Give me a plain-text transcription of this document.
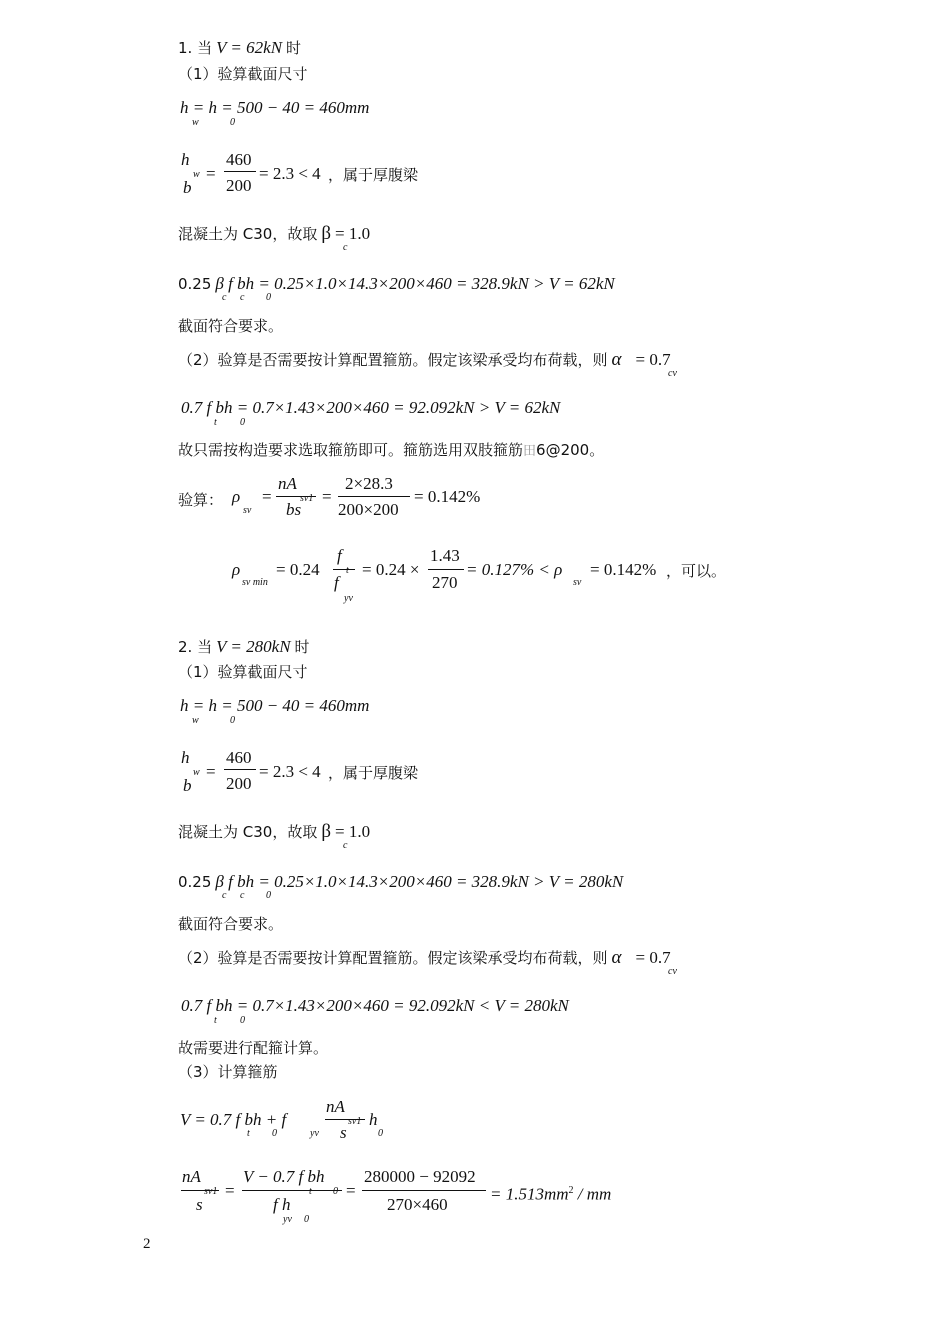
1. 当 V = 62kN 时
（1）验算截面尺寸
h = h = 500 − 40 = 460mm
w	0
h
w
b
=
460
200
= 2.3 < 4 ，属于厚腹梁
混凝土为 C30，故取 β = 1.0
c
0.25 β f bh = 0.25×1.0×14.3×200×460 = 328.9kN > V = 62kN
c c 0
截面符合要求。
（2）验算是否需要按计算配置箍筋。假定该梁承受均布荷载，则 α = 0.7
cv
0.7 f bh = 0.7×1.43×200×460 = 92.092kN > V = 62kN
t 0
故只需按构造要求选取箍筋即可。箍筋选用双肢箍筋田6@200。
验算： ρ
sv
=
nA
sv1
bs
=
2×28.3
200×200
= 0.142%
ρ
sv min
= 0.24
f
t
f
yv
= 0.24 ×
1.43
270
= 0.127% < ρ
sv
= 0.142% ，可以。
2. 当 V = 280kN 时
（1）验算截面尺寸
h = h = 500 − 40 = 460mm
w	0
h
w
b
=
460
200
= 2.3 < 4 ，属于厚腹梁
混凝土为 C30，故取 β = 1.0
c
0.25 β f bh = 0.25×1.0×14.3×200×460 = 328.9kN > V = 280kN
c c 0
截面符合要求。
（2）验算是否需要按计算配置箍筋。假定该梁承受均布荷载，则 α = 0.7
cv
0.7 f bh = 0.7×1.43×200×460 = 92.092kN < V = 280kN
t 0
故需要进行配箍计算。
（3）计算箍筋
V = 0.7 f bh + f
t 0	yv
nA
sv1
s
h
0
nA
sv1
s
=
V − 0.7 f bh
t 0
f h
yv 0
=
280000 − 92092
270×460
= $1.513mm^2$ / mm
2
